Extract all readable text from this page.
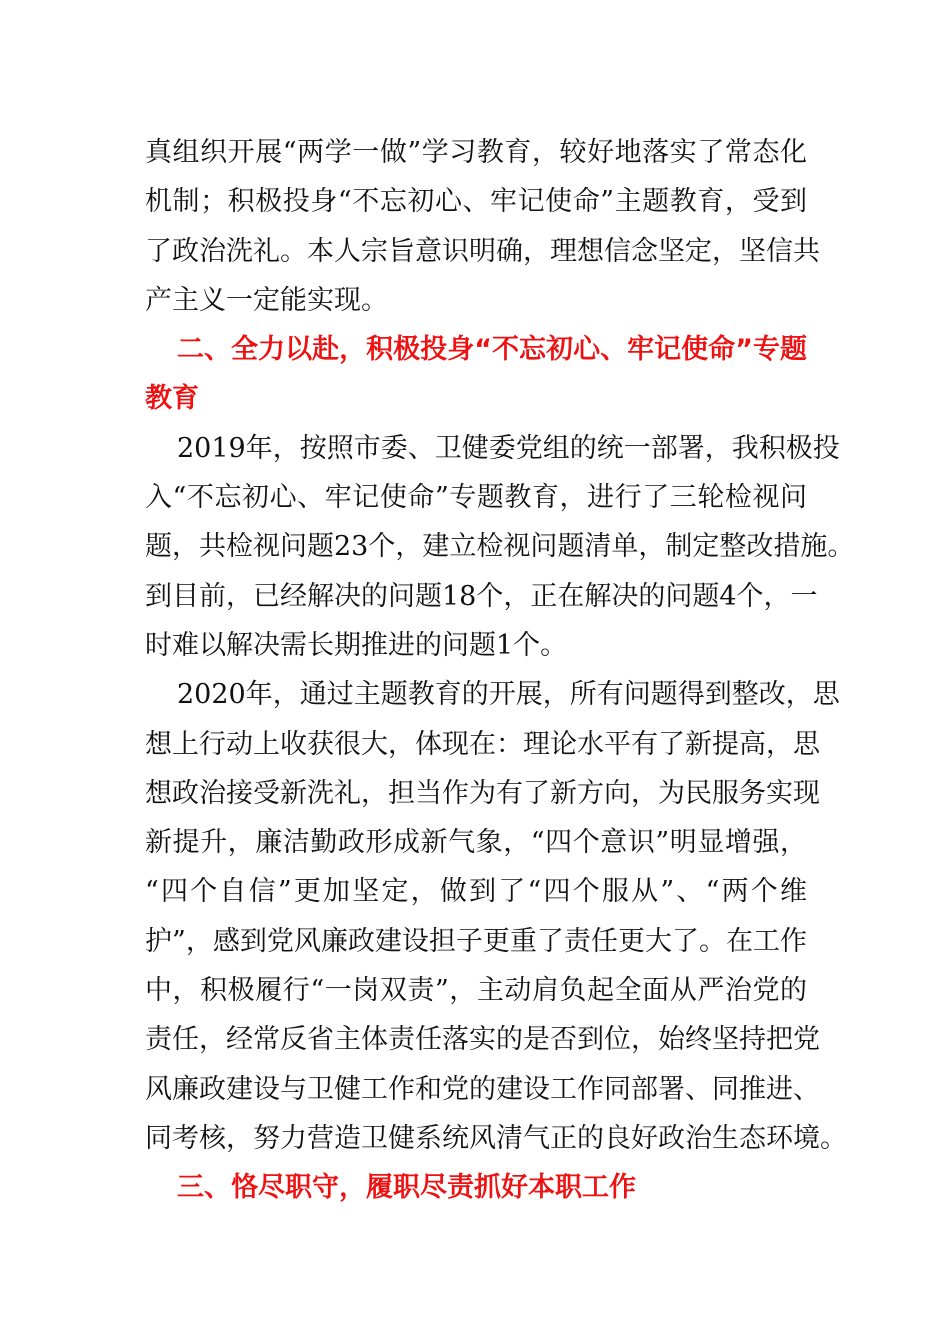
真组织开展“两学一做”学习教育，较好地落实了常态化
机制；积极投身“不忘初心、牢记使命”主题教育，受到
了政治洗礼。本人宗旨意识明确，理想信念坚定，坚信共
产主义一定能实现。
二、全力以赴，积极投身“不忘初心、牢记使命”专题
教育
2019年，按照市委、卫健委党组的统一部署，我积极投
入“不忘初心、牢记使命”专题教育，进行了三轮检视问
题，共检视问题23个，建立检视问题清单，制定整改措施。
到目前，已经解决的问题18个，正在解决的问题4个，一
时难以解决需长期推进的问题1个。
2020年，通过主题教育的开展，所有问题得到整改，思
想上行动上收获很大，体现在：理论水平有了新提高，思
想政治接受新洗礼，担当作为有了新方向，为民服务实现
新提升，廉洁勤政形成新气象，“四个意识”明显增强，
“四个自信”更加坚定，做到了“四个服从”、“两个维
护”，感到党风廉政建设担子更重了责任更大了。在工作
中，积极履行“一岗双责”，主动肩负起全面从严治党的
责任，经常反省主体责任落实的是否到位，始终坚持把党
风廉政建设与卫健工作和党的建设工作同部署、同推进、
同考核，努力营造卫健系统风清气正的良好政治生态环境。
三、恪尽职守，履职尽责抓好本职工作
